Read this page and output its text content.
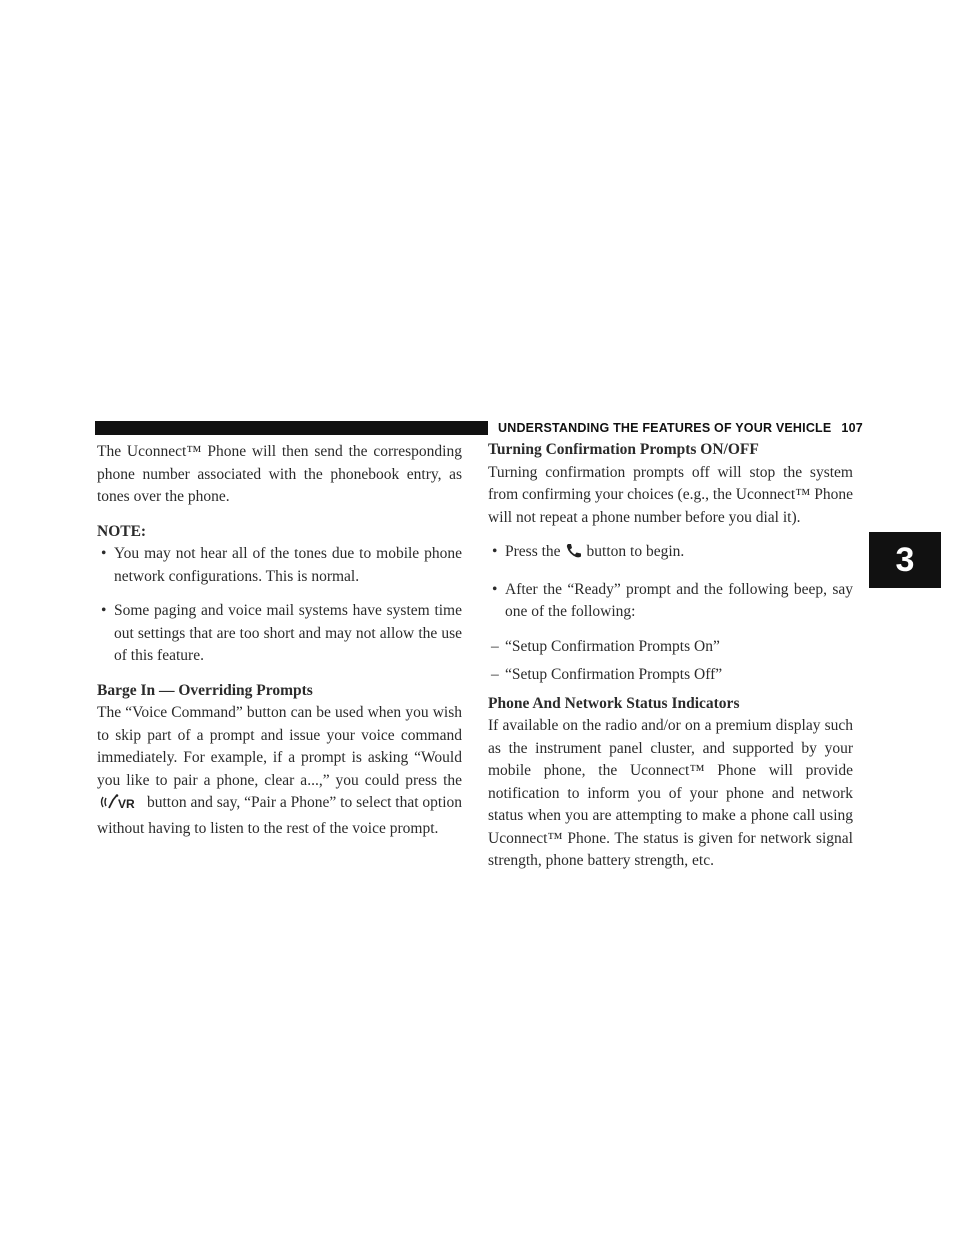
UNDERSTANDING THE FEATURES OF YOUR VEHICLE 107
3

The Uconnect™ Phone will then send the corresponding phone number associated with the phonebook entry, as tones over the phone.

NOTE:
• You may not hear all of the tones due to mobile phone network configurations. This is normal.
• Some paging and voice mail systems have system time out settings that are too short and may not allow the use of this feature.
Barge In — Overriding Prompts

The “Voice Command” button can be used when you wish to skip part of a prompt and issue your voice command immediately. For example, if a prompt is asking “Would you like to pair a phone, clear a...,” you could press the
VR button and say, “Pair a Phone” to select that option without having to listen to the rest of the voice prompt.

Turning Confirmation Prompts ON/OFF

Turning confirmation prompts off will stop the system from confirming your choices (e.g., the Uconnect™ Phone will not repeat a phone number before you dial it).

• Press the button to begin.
• After the “Ready” prompt and the following beep, say one of the following:
– “Setup Confirmation Prompts On”
– “Setup Confirmation Prompts Off”
Phone And Network Status Indicators

If available on the radio and/or on a premium display such as the instrument panel cluster, and supported by your mobile phone, the Uconnect™ Phone will provide notification to inform you of your phone and network status when you are attempting to make a phone call using Uconnect™ Phone. The status is given for network signal strength, phone battery strength, etc.
